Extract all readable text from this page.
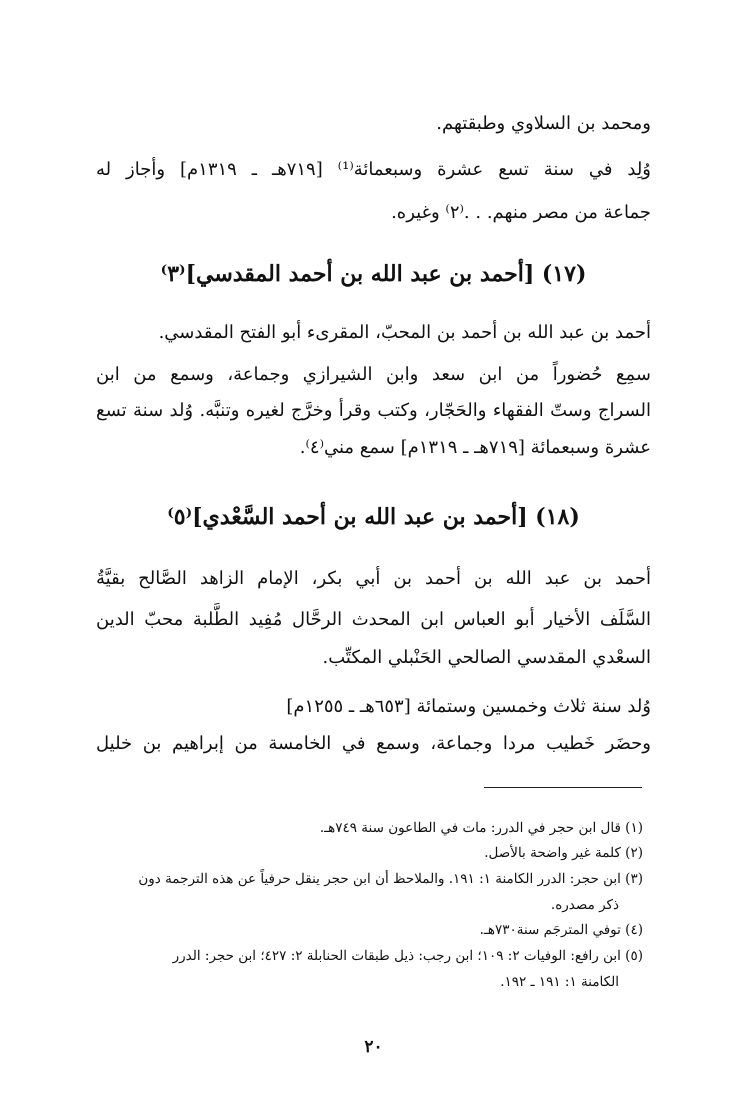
ومحمد بن السلاوي وطبقتهم.
وُلِد في سنة تسع عشرة وسبعمائة⁽¹⁾ [٧١٩هـ ـ ١٣١٩م] وأجاز له
جماعة من مصر منهم. . .⁽٢⁾ وغيره.
(١٧) [أحمد بن عبد الله بن أحمد المقدسي]⁽٣⁾
أحمد بن عبد الله بن أحمد بن المحبّ، المقرىء أبو الفتح المقدسي.
سمِع حُضوراً من ابن سعد وابن الشيرازي وجماعة، وسمع من ابن
السراج وستّ الفقهاء والحَجّار، وكتب وقرأ وخرَّج لغيره وتنبَّه. وُلد سنة تسع
عشرة وسبعمائة [٧١٩هـ ـ ١٣١٩م] سمع مني⁽٤⁾.
(١٨) [أحمد بن عبد الله بن أحمد السَّعْدي]⁽٥⁾
أحمد بن عبد الله بن أحمد بن أبي بكر، الإمام الزاهد الصَّالح بقيَّةُ
السَّلَف الأخيار أبو العباس ابن المحدث الرحَّال مُفِيد الطَّلبة محبّ الدين
السعْدي المقدسي الصالحي الحَنْبلي المكتِّب.
وُلد سنة ثلاث وخمسين وستمائة [٦٥٣هـ ـ ١٢٥٥م]
وحضَر خَطيب مردا وجماعة، وسمع في الخامسة من إبراهيم بن خليل
(١) قال ابن حجر في الدرر: مات في الطاعون سنة ٧٤٩هـ.
(٢) كلمة غير واضحة بالأصل.
(٣) ابن حجر: الدرر الكامنة ١: ١٩١. والملاحظ أن ابن حجر ينقل حرفياً عن هذه الترجمة دون
ذكر مصدره.
(٤) توفي المترجَم سنة٧٣٠هـ.
(٥) ابن رافع: الوفيات ٢: ١٠٩؛ ابن رجب: ذيل طبقات الحنابلة ٢: ٤٢٧؛ ابن حجر: الدرر
الكامنة ١: ١٩١ ـ ١٩٢.
٢٠
